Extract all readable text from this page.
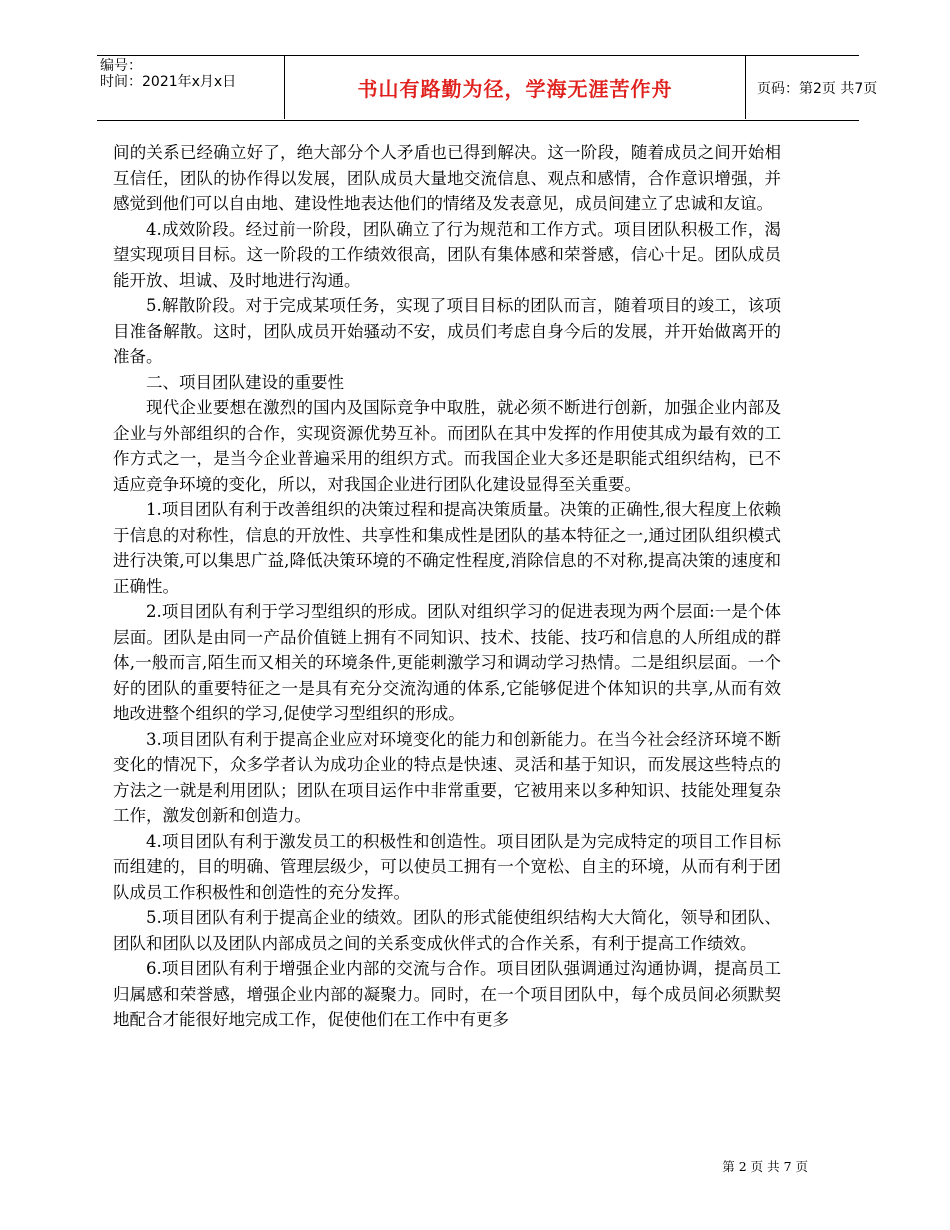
编号：
时间：2021年x月x日	书山有路勤为径，学海无涯苦作舟	页码：第2页 共7页

间的关系已经确立好了，绝大部分个人矛盾也已得到解决。这一阶段，随着成员之间开始相互信任，团队的协作得以发展，团队成员大量地交流信息、观点和感情，合作意识增强，并感觉到他们可以自由地、建设性地表达他们的情绪及发表意见，成员间建立了忠诚和友谊。

4.成效阶段。经过前一阶段，团队确立了行为规范和工作方式。项目团队积极工作，渴望实现项目目标。这一阶段的工作绩效很高，团队有集体感和荣誉感，信心十足。团队成员能开放、坦诚、及时地进行沟通。

5.解散阶段。对于完成某项任务，实现了项目目标的团队而言，随着项目的竣工，该项目准备解散。这时，团队成员开始骚动不安，成员们考虑自身今后的发展，并开始做离开的准备。

二、项目团队建设的重要性

现代企业要想在激烈的国内及国际竞争中取胜，就必须不断进行创新，加强企业内部及企业与外部组织的合作，实现资源优势互补。而团队在其中发挥的作用使其成为最有效的工作方式之一，是当今企业普遍采用的组织方式。而我国企业大多还是职能式组织结构，已不适应竞争环境的变化，所以，对我国企业进行团队化建设显得至关重要。

1.项目团队有利于改善组织的决策过程和提高决策质量。决策的正确性,很大程度上依赖于信息的对称性，信息的开放性、共享性和集成性是团队的基本特征之一,通过团队组织模式进行决策,可以集思广益,降低决策环境的不确定性程度,消除信息的不对称,提高决策的速度和正确性。

2.项目团队有利于学习型组织的形成。团队对组织学习的促进表现为两个层面:一是个体层面。团队是由同一产品价值链上拥有不同知识、技术、技能、技巧和信息的人所组成的群体,一般而言,陌生而又相关的环境条件,更能刺激学习和调动学习热情。二是组织层面。一个好的团队的重要特征之一是具有充分交流沟通的体系,它能够促进个体知识的共享,从而有效地改进整个组织的学习,促使学习型组织的形成。

3.项目团队有利于提高企业应对环境变化的能力和创新能力。在当今社会经济环境不断变化的情况下，众多学者认为成功企业的特点是快速、灵活和基于知识，而发展这些特点的方法之一就是利用团队；团队在项目运作中非常重要，它被用来以多种知识、技能处理复杂工作，激发创新和创造力。

4.项目团队有利于激发员工的积极性和创造性。项目团队是为完成特定的项目工作目标而组建的，目的明确、管理层级少，可以使员工拥有一个宽松、自主的环境，从而有利于团队成员工作积极性和创造性的充分发挥。

5.项目团队有利于提高企业的绩效。团队的形式能使组织结构大大简化，领导和团队、团队和团队以及团队内部成员之间的关系变成伙伴式的合作关系，有利于提高工作绩效。

6.项目团队有利于增强企业内部的交流与合作。项目团队强调通过沟通协调，提高员工归属感和荣誉感，增强企业内部的凝聚力。同时，在一个项目团队中，每个成员间必须默契地配合才能很好地完成工作，促使他们在工作中有更多

第 2 页 共 7 页
